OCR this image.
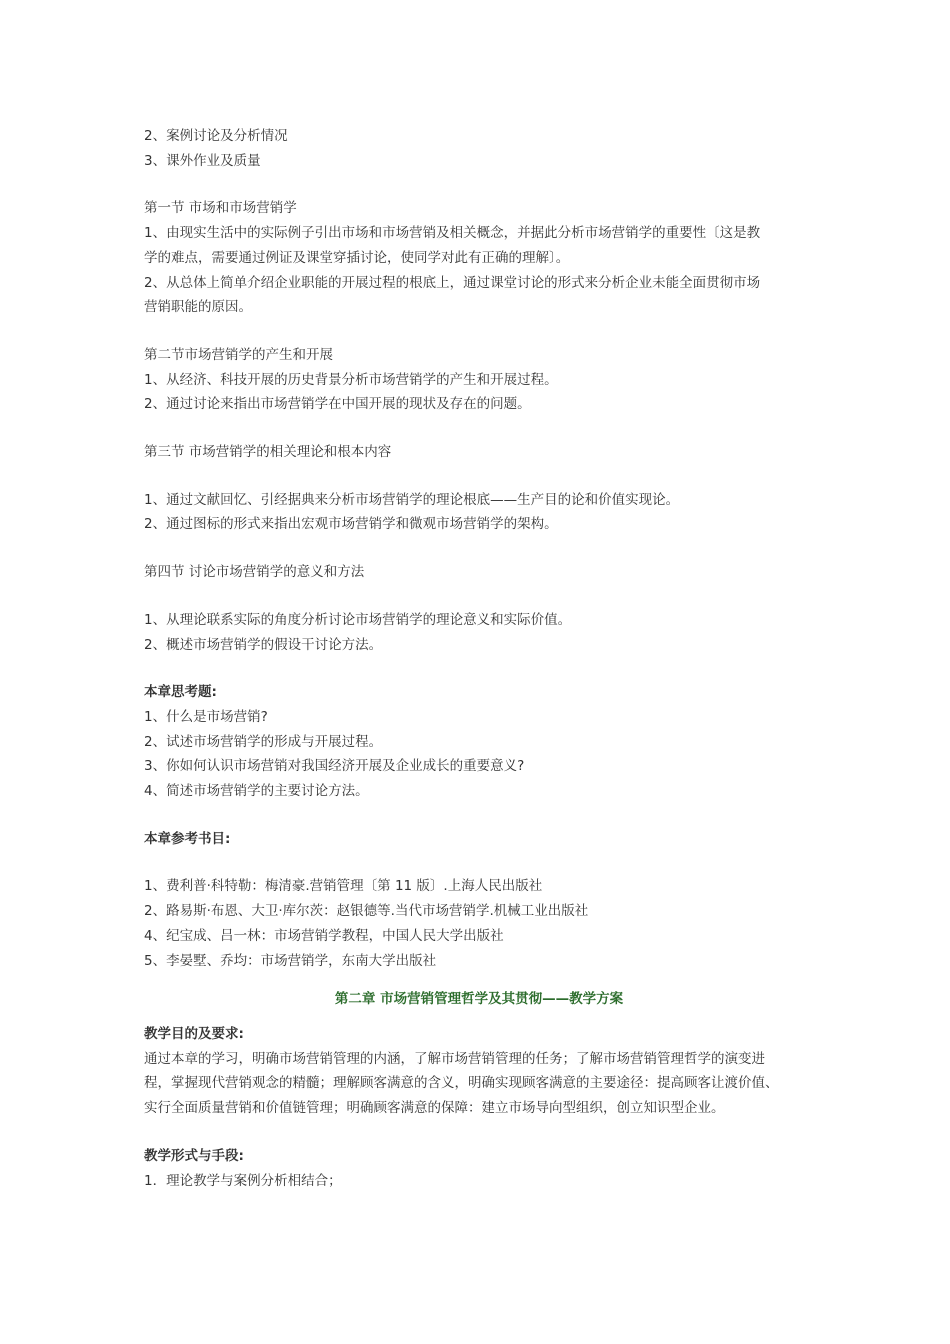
2、案例讨论及分析情况
3、课外作业及质量
第一节 市场和市场营销学
1、由现实生活中的实际例子引出市场和市场营销及相关概念，并据此分析市场营销学的重要性〔这是教
学的难点，需要通过例证及课堂穿插讨论，使同学对此有正确的理解〕。
2、从总体上简单介绍企业职能的开展过程的根底上，通过课堂讨论的形式来分析企业未能全面贯彻市场
营销职能的原因。
第二节市场营销学的产生和开展
1、从经济、科技开展的历史背景分析市场营销学的产生和开展过程。
2、通过讨论来指出市场营销学在中国开展的现状及存在的问题。
第三节 市场营销学的相关理论和根本内容
1、通过文献回忆、引经据典来分析市场营销学的理论根底——生产目的论和价值实现论。
2、通过图标的形式来指出宏观市场营销学和微观市场营销学的架构。
第四节 讨论市场营销学的意义和方法
1、从理论联系实际的角度分析讨论市场营销学的理论意义和实际价值。
2、概述市场营销学的假设干讨论方法。
本章思考题:
1、什么是市场营销?
2、试述市场营销学的形成与开展过程。
3、你如何认识市场营销对我国经济开展及企业成长的重要意义?
4、简述市场营销学的主要讨论方法。
本章参考书目:
1、费利普·科特勒：梅清豪.营销管理〔第 11 版〕.上海人民出版社
2、路易斯·布恩、大卫·库尔茨：赵银德等.当代市场营销学.机械工业出版社
4、纪宝成、吕一林：市场营销学教程，中国人民大学出版社
5、李晏墅、乔均：市场营销学，东南大学出版社
第二章 市场营销管理哲学及其贯彻——教学方案
教学目的及要求:
通过本章的学习，明确市场营销管理的内涵，了解市场营销管理的任务；了解市场营销管理哲学的演变进
程，掌握现代营销观念的精髓；理解顾客满意的含义，明确实现顾客满意的主要途径：提高顾客让渡价值、
实行全面质量营销和价值链管理；明确顾客满意的保障：建立市场导向型组织，创立知识型企业。
教学形式与手段:
1．理论教学与案例分析相结合；
